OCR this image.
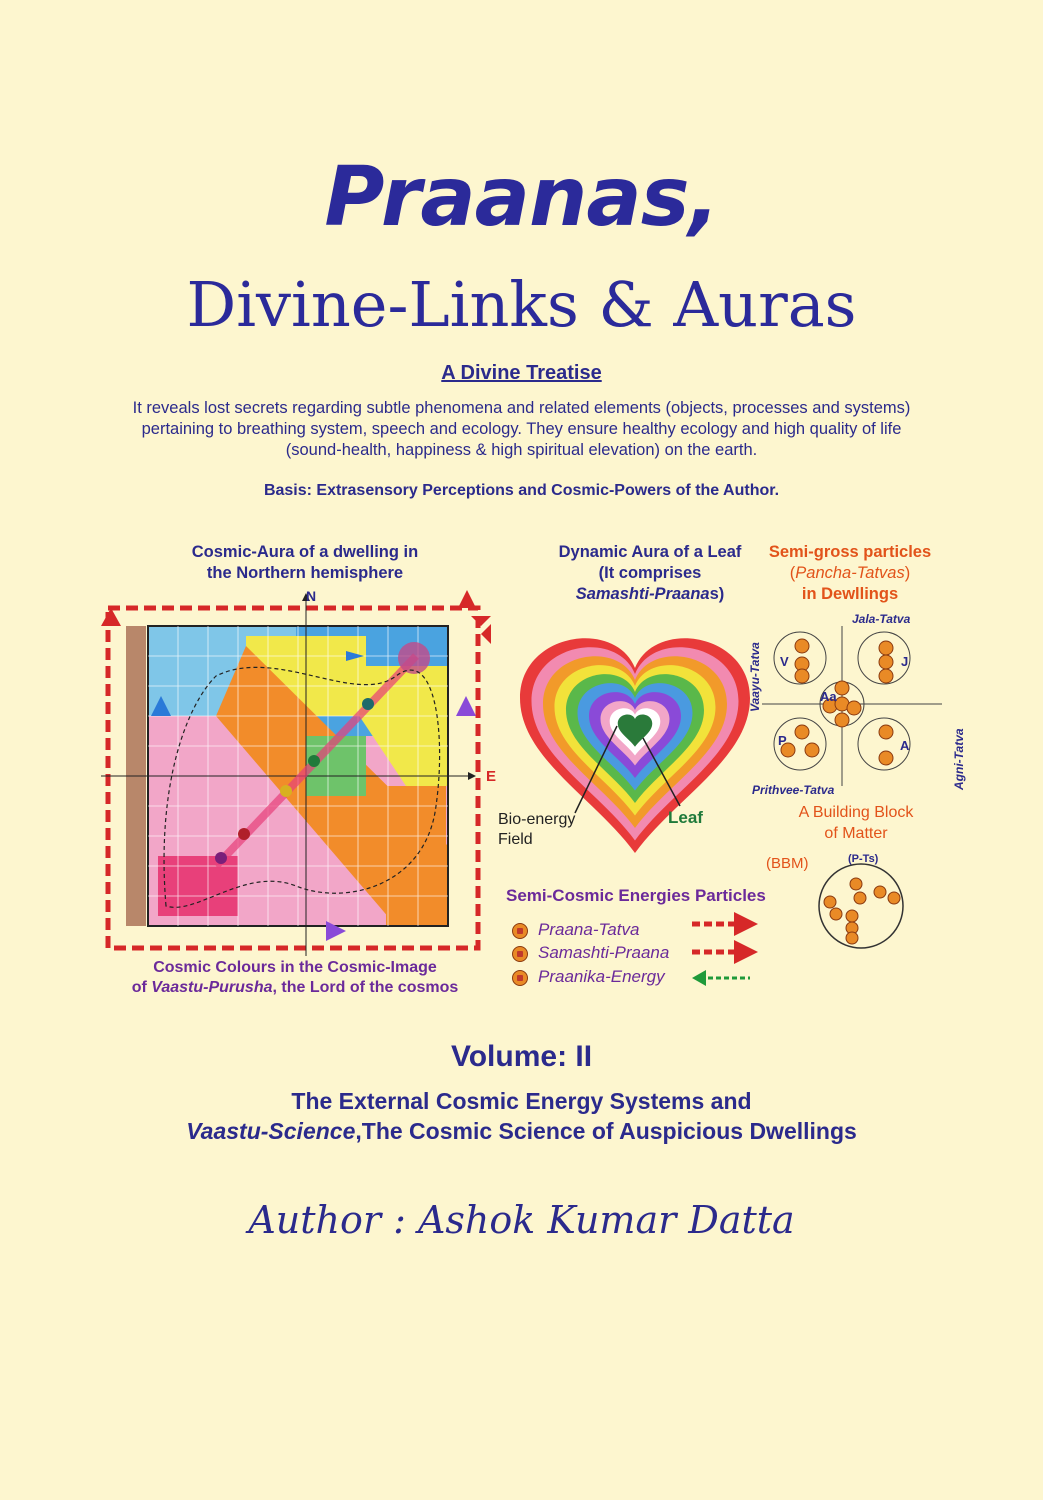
Praanas,
Divine-Links & Auras
A Divine Treatise
It reveals lost secrets regarding subtle phenomena and related elements (objects, processes and systems) pertaining to breathing system, speech and ecology. They ensure healthy ecology and high quality of life (sound-health, happiness & high spiritual elevation) on the earth.
Basis: Extrasensory Perceptions and Cosmic-Powers of the Author.
Cosmic-Aura of a dwelling in
the Northern hemisphere
N
E
Cosmic Colours in the Cosmic-Image
of Vaastu-Purusha, the Lord of the cosmos
Dynamic Aura of a Leaf
(It comprises
Samashti-Praanas)
Bio-energy
Field
Leaf
Semi-gross particles
(Pancha-Tatvas)
in Dewllings
Jala-Tatva
Vaayu-Tatva
Agni-Tatva
Prithvee-Tatva
V	J
Aa
P	A
A Building Block
of Matter
(BBM)	(P-Ts)
Semi-Cosmic Energies Particles
Praana-Tatva
Samashti-Praana
Praanika-Energy
Volume: II
The External Cosmic Energy Systems and
Vaastu-Science,The Cosmic Science of Auspicious Dwellings
Author : Ashok Kumar Datta
